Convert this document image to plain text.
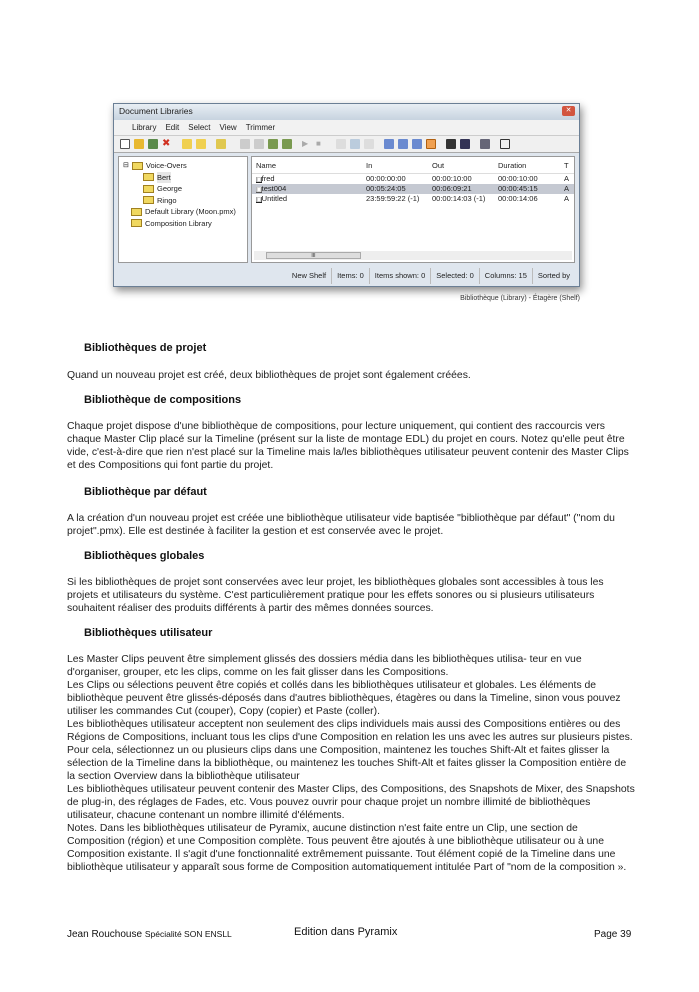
Document Libraries	✕
Library Edit Select View Trimmer
✖	▶ ■
⊟ Voice-Overs
Bert
George
Ringo
Default Library (Moon.pmx)
Composition Library
Name	In	Out	Duration	T
▣fred	00:00:00:00	00:00:10:00	00:00:10:00	A
▣test004	00:05:24:05	00:06:09:21	00:00:45:15	A
▣Untitled	23:59:59:22 (-1)	00:00:14:03 (-1)	00:00:14:06	A
III
New Shelf	Items: 0	Items shown: 0	Selected: 0	Columns: 15	Sorted by
Bibliothèque (Library) - Étagère (Shelf)
Bibliothèques de projet
Quand un nouveau projet est créé, deux bibliothèques de projet sont également créées.
Bibliothèque de compositions
Chaque projet dispose d'une bibliothèque de compositions, pour lecture uniquement, qui contient des raccourcis vers chaque Master Clip placé sur la Timeline (présent sur la liste de montage EDL) du projet en cours. Notez qu'elle peut être vide, c'est-à-dire que rien n'est placé sur la Timeline mais la/les bibliothèques utilisateur peuvent contenir des Master Clips et des Compositions qui font partie du projet.
Bibliothèque par défaut
A la création d'un nouveau projet est créée une bibliothèque utilisateur vide baptisée "bibliothèque par défaut" ("nom du projet".pmx). Elle est destinée à faciliter la gestion et est conservée avec le projet.
Bibliothèques globales
Si les bibliothèques de projet sont conservées avec leur projet, les bibliothèques globales sont accessibles à tous les projets et utilisateurs du système. C'est particulièrement pratique pour les effets sonores ou si plusieurs utilisateurs souhaitent réaliser des produits différents à partir des mêmes données sources.
Bibliothèques utilisateur
Les Master Clips peuvent être simplement glissés des dossiers média dans les bibliothèques utilisa- teur en vue d'organiser, grouper, etc les clips, comme on les fait glisser dans les Compositions.
Les Clips ou sélections peuvent être copiés et collés dans les bibliothèques utilisateur et globales. Les éléments de bibliothèque peuvent être glissés-déposés dans d'autres bibliothèques, étagères ou dans la Timeline, sinon vous pouvez utiliser les commandes Cut (couper), Copy (copier) et Paste (coller).
Les bibliothèques utilisateur acceptent non seulement des clips individuels mais aussi des Compositions entières ou des Régions de Compositions, incluant tous les clips d'une Composition en relation les uns avec les autres sur plusieurs pistes. Pour cela, sélectionnez un ou plusieurs clips dans une Composition, maintenez les touches Shift-Alt et faites glisser la sélection de la Timeline dans la bibliothèque, ou maintenez les touches Shift-Alt et faites glisser la Composition entière de la section Overview dans la bibliothèque utilisateur
Les bibliothèques utilisateur peuvent contenir des Master Clips, des Compositions, des Snapshots de Mixer, des Snapshots de plug-in, des réglages de Fades, etc. Vous pouvez ouvrir pour chaque projet un nombre illimité de bibliothèques utilisateur, chacune contenant un nombre illimité d'éléments.
Notes. Dans les bibliothèques utilisateur de Pyramix, aucune distinction n'est faite entre un Clip, une section de Composition (région) et une Composition complète. Tous peuvent être ajoutés à une bibliothèque utilisateur ou à une Composition existante. Il s'agit d'une fonctionnalité extrêmement puissante. Tout élément copié de la Timeline dans une bibliothèque utilisateur y apparaît sous forme de Composition automatiquement intitulée Part of "nom de la composition ».
Jean Rouchouse Spécialité SON ENSLL	Edition dans Pyramix	Page 39
